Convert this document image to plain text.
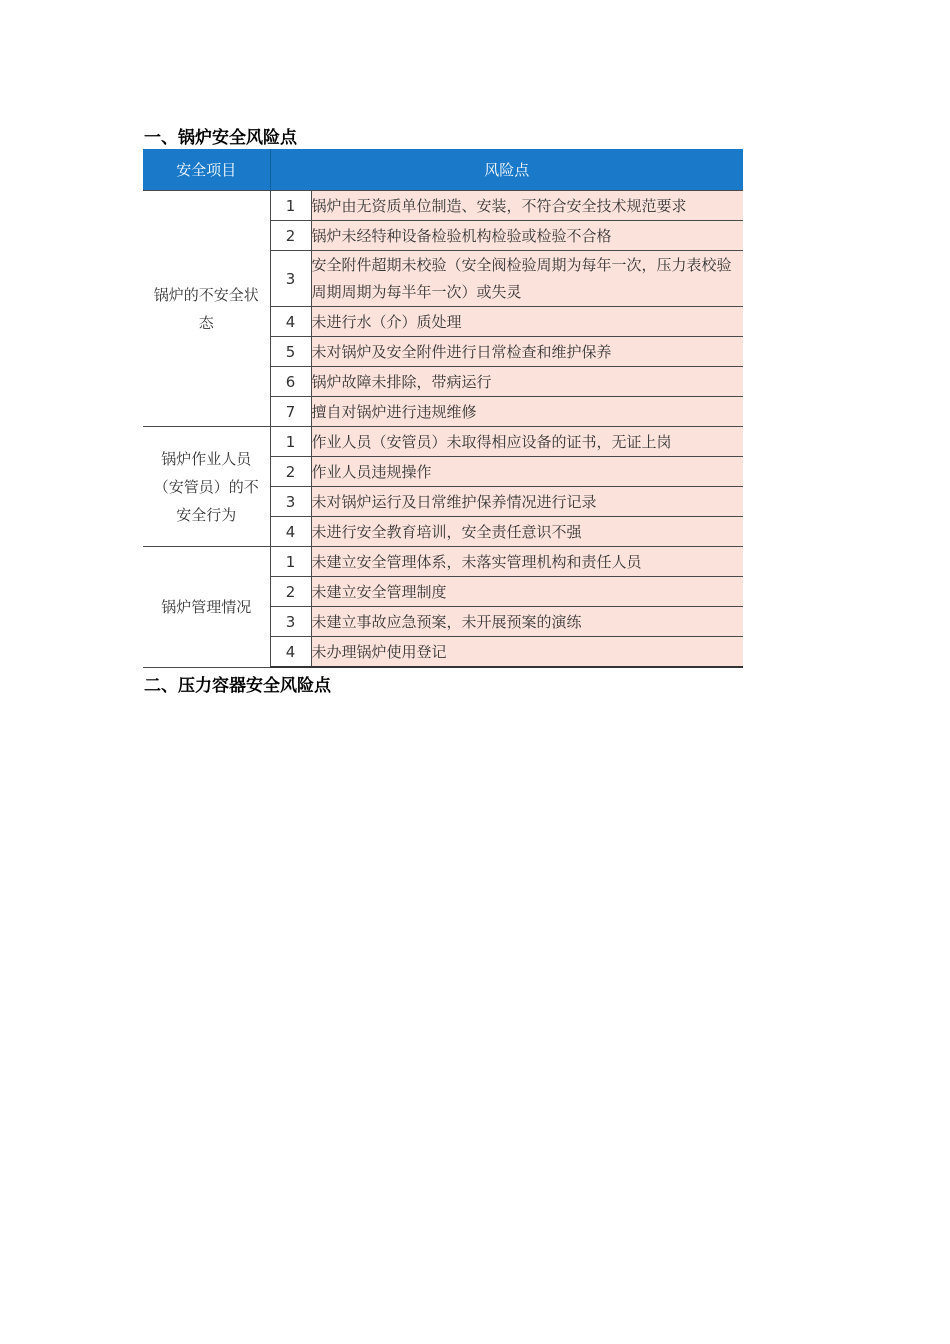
一、锅炉安全风险点
安全项目	风险点	
锅炉的不安全状态	1	锅炉由无资质单位制造、安装，不符合安全技术规范要求
	2	锅炉未经特种设备检验机构检验或检验不合格
	3	安全附件超期未校验（安全阀检验周期为每年一次，压力表校验周期周期为每半年一次）或失灵
	4	未进行水（介）质处理
	5	未对锅炉及安全附件进行日常检查和维护保养
	6	锅炉故障未排除，带病运行
	7	擅自对锅炉进行违规维修
锅炉作业人员（安管员）的不安全行为	1	作业人员（安管员）未取得相应设备的证书，无证上岗
	2	作业人员违规操作
	3	未对锅炉运行及日常维护保养情况进行记录
	4	未进行安全教育培训，安全责任意识不强
锅炉管理情况	1	未建立安全管理体系，未落实管理机构和责任人员
	2	未建立安全管理制度
	3	未建立事故应急预案，未开展预案的演练
	4	未办理锅炉使用登记
二、压力容器安全风险点
